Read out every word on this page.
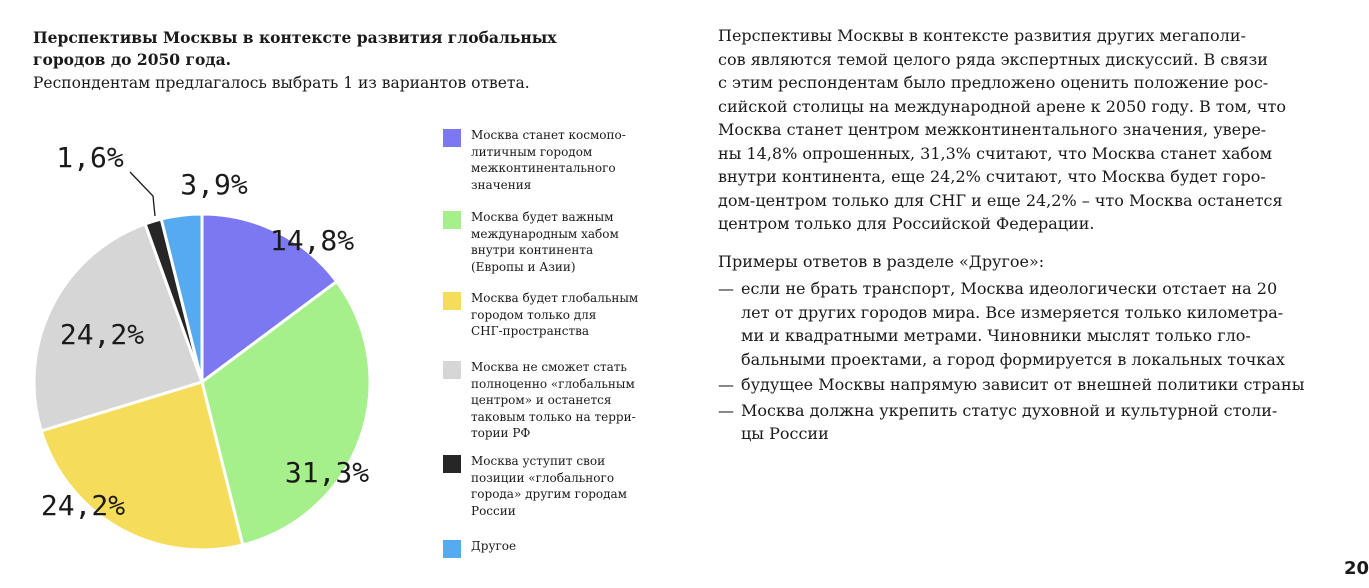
Перспективы Москвы в контексте развития глобальных городов до 2050 года.
Респондентам предлагалось выбрать 1 из вариантов ответа.
14,8%
31,3%
24,2%
24,2%
1,6%
3,9%
Москва станет космопо-
литичным городом
межконтинентального
значения
Москва будет важным
международным хабом
внутри континента
(Европы и Азии)
Москва будет глобальным
городом только для
СНГ-пространства
Москва не сможет стать
полноценно «глобальным
центром» и останется
таковым только на терри-
тории РФ
Москва уступит свои
позиции «глобального
города» другим городам
России
Другое

Перспективы Москвы в контексте развития других мегаполи-
сов являются темой целого ряда экспертных дискуссий. В связи
с этим респондентам было предложено оценить положение рос-
сийской столицы на международной арене к 2050 году. В том, что
Москва станет центром межконтинентального значения, увере-
ны 14,8% опрошенных, 31,3% считают, что Москва станет хабом
внутри континента, еще 24,2% считают, что Москва будет горо-
дом-центром только для СНГ и еще 24,2% – что Москва останется
центром только для Российской Федерации.

Примеры ответов в разделе «Другое»:
— если не брать транспорт, Москва идеологически отстает на 20
лет от других городов мира. Все измеряется только километра-
ми и квадратными метрами. Чиновники мыслят только гло-
бальными проектами, а город формируется в локальных точках
— будущее Москвы напрямую зависит от внешней политики страны
— Москва должна укрепить статус духовной и культурной столи-
цы России
20
